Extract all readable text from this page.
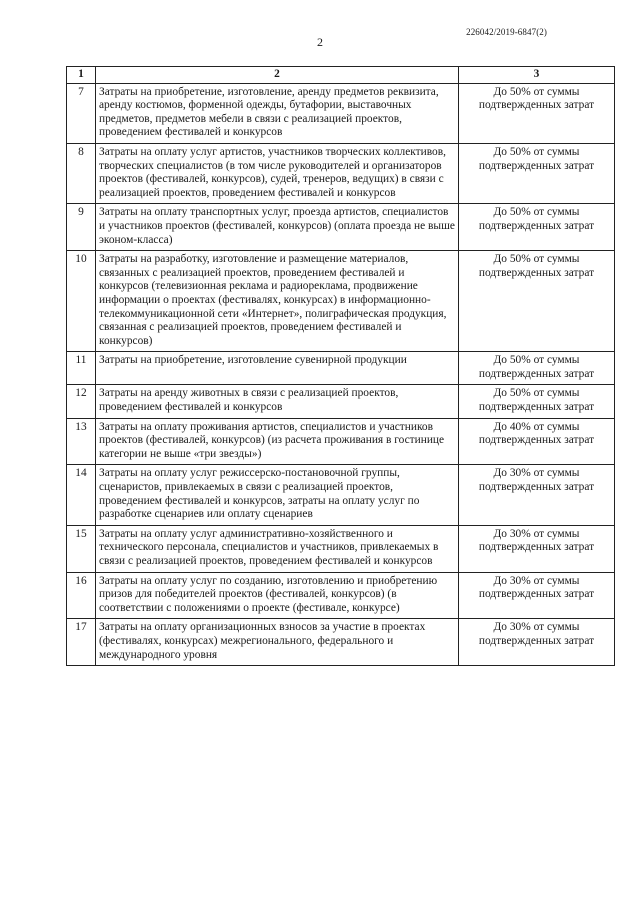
226042/2019-6847(2)
2
1	2	3
7	Затраты на приобретение, изготовление, аренду предметов реквизита, аренду костюмов, форменной одежды, бутафории, выставочных предметов, предметов мебели в связи с реализацией проектов, проведением фестивалей и конкурсов	До 50% от суммы подтвержденных затрат
8	Затраты на оплату услуг артистов, участников творческих коллективов, творческих специалистов (в том числе руководителей и организаторов проектов (фестивалей, конкурсов), судей, тренеров, ведущих) в связи с реализацией проектов, проведением фестивалей и конкурсов	До 50% от суммы подтвержденных затрат
9	Затраты на оплату транспортных услуг, проезда артистов, специалистов и участников проектов (фестивалей, конкурсов) (оплата проезда не выше эконом-класса)	До 50% от суммы подтвержденных затрат
10	Затраты на разработку, изготовление и размещение материалов, связанных с реализацией проектов, проведением фестивалей и конкурсов (телевизионная реклама и радиореклама, продвижение информации о проектах (фестивалях, конкурсах) в информационно-телекоммуникационной сети «Интернет», полиграфическая продукция, связанная с реализацией проектов, проведением фестивалей и конкурсов)	До 50% от суммы подтвержденных затрат
11	Затраты на приобретение, изготовление сувенирной продукции	До 50% от суммы подтвержденных затрат
12	Затраты на аренду животных в связи с реализацией проектов, проведением фестивалей и конкурсов	До 50% от суммы подтвержденных затрат
13	Затраты на оплату проживания артистов, специалистов и участников проектов (фестивалей, конкурсов) (из расчета проживания в гостинице категории не выше «три звезды»)	До 40% от суммы подтвержденных затрат
14	Затраты на оплату услуг режиссерско-постановочной группы, сценаристов, привлекаемых в связи с реализацией проектов, проведением фестивалей и конкурсов, затраты на оплату услуг по разработке сценариев или оплату сценариев	До 30% от суммы подтвержденных затрат
15	Затраты на оплату услуг административно-хозяйственного и технического персонала, специалистов и участников, привлекаемых в связи с реализацией проектов, проведением фестивалей и конкурсов	До 30% от суммы подтвержденных затрат
16	Затраты на оплату услуг по созданию, изготовлению и приобретению призов для победителей проектов (фестивалей, конкурсов) (в соответствии с положениями о проекте (фестивале, конкурсе)	До 30% от суммы подтвержденных затрат
17	Затраты на оплату организационных взносов за участие в проектах (фестивалях, конкурсах) межрегионального, федерального и международного уровня	До 30% от суммы подтвержденных затрат
